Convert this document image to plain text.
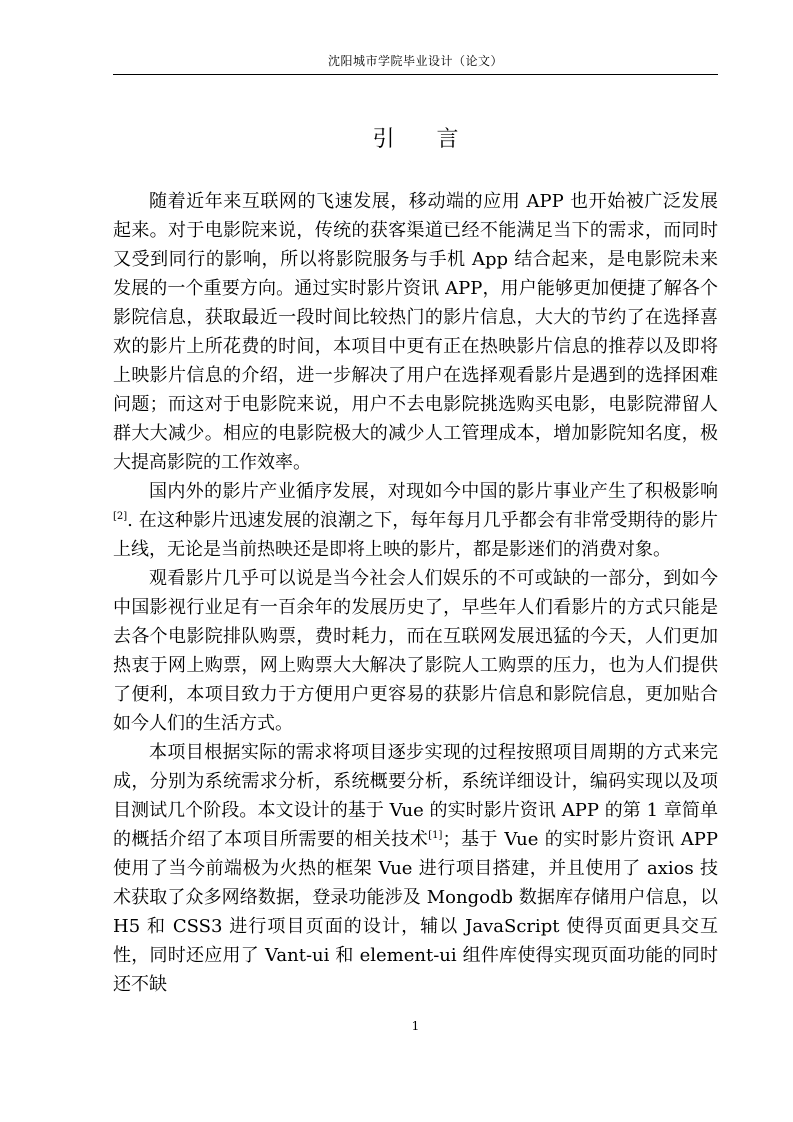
沈阳城市学院毕业设计（论文）
引 言

随着近年来互联网的飞速发展，移动端的应用 APP 也开始被广泛发展起来。对于电影院来说，传统的获客渠道已经不能满足当下的需求，而同时又受到同行的影响，所以将影院服务与手机 App 结合起来，是电影院未来发展的一个重要方向。通过实时影片资讯 APP，用户能够更加便捷了解各个影院信息，获取最近一段时间比较热门的影片信息，大大的节约了在选择喜欢的影片上所花费的时间，本项目中更有正在热映影片信息的推荐以及即将上映影片信息的介绍，进一步解决了用户在选择观看影片是遇到的选择困难问题；而这对于电影院来说，用户不去电影院挑选购买电影，电影院滞留人群大大减少。相应的电影院极大的减少人工管理成本，增加影院知名度，极大提高影院的工作效率。

国内外的影片产业循序发展，对现如今中国的影片事业产生了积极影响[2]. 在这种影片迅速发展的浪潮之下，每年每月几乎都会有非常受期待的影片上线，无论是当前热映还是即将上映的影片，都是影迷们的消费对象。

观看影片几乎可以说是当今社会人们娱乐的不可或缺的一部分，到如今中国影视行业足有一百余年的发展历史了，早些年人们看影片的方式只能是去各个电影院排队购票，费时耗力，而在互联网发展迅猛的今天，人们更加热衷于网上购票，网上购票大大解决了影院人工购票的压力，也为人们提供了便利，本项目致力于方便用户更容易的获影片信息和影院信息，更加贴合如今人们的生活方式。

本项目根据实际的需求将项目逐步实现的过程按照项目周期的方式来完成，分别为系统需求分析，系统概要分析，系统详细设计，编码实现以及项目测试几个阶段。本文设计的基于 Vue 的实时影片资讯 APP 的第 1 章简单的概括介绍了本项目所需要的相关技术[1]；基于 Vue 的实时影片资讯 APP 使用了当今前端极为火热的框架 Vue 进行项目搭建，并且使用了 axios 技术获取了众多网络数据，登录功能涉及 Mongodb 数据库存储用户信息，以 H5 和 CSS3 进行项目页面的设计，辅以 JavaScript 使得页面更具交互性，同时还应用了 Vant-ui 和 element-ui 组件库使得实现页面功能的同时还不缺

1
